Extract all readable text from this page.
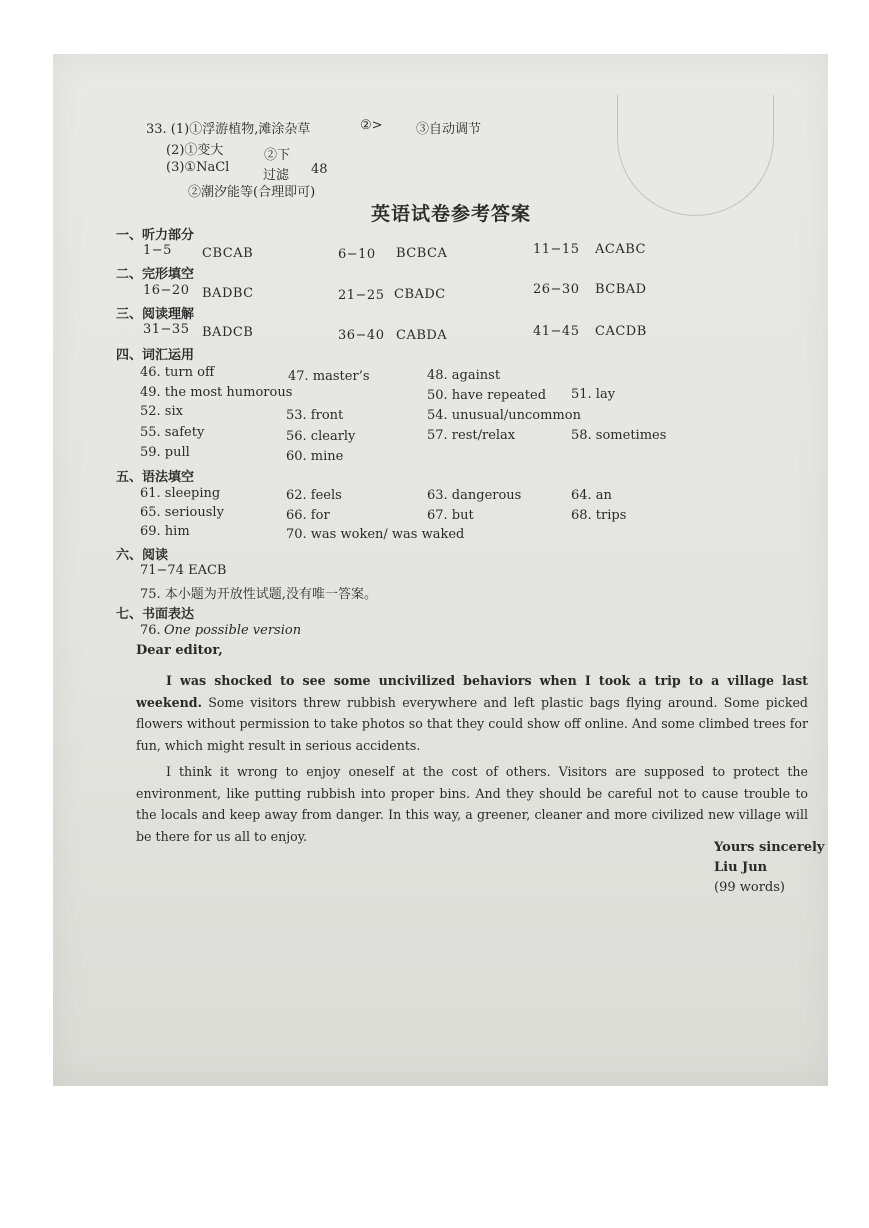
33. (1)①浮游植物,滩涂杂草	②>	③自动调节
(2)①变大	②下
(3)①NaCl
过滤 48
②潮汐能等(合理即可)
英语试卷参考答案
一、听力部分
1−5 CBCAB	6−10 BCBCA	11−15 ACABC
二、完形填空
16−20 BADBC	21−25 CBADC	26−30 BCBAD
三、阅读理解
31−35 BADCB	36−40 CABDA	41−45 CACDB
四、词汇运用
46. turn off	47. master’s	48. against
49. the most humorous	50. have repeated 51. lay
52. six	53. front	54. unusual/uncommon
55. safety	56. clearly	57. rest/relax	58. sometimes
59. pull	60. mine
五、语法填空
61. sleeping	62. feels	63. dangerous	64. an
65. seriously	66. for	67. but	68. trips
69. him	70. was woken/ was waked
六、阅读
71−74 EACB
75. 本小题为开放性试题,没有唯一答案。
七、书面表达
76. One possible version
Dear editor,
I was shocked to see some uncivilized behaviors when I took a trip to a village last weekend. Some visitors threw rubbish everywhere and left plastic bags flying around. Some picked flowers without permission to take photos so that they could show off online. And some climbed trees for fun, which might result in serious accidents.
I think it wrong to enjoy oneself at the cost of others. Visitors are supposed to protect the environment, like putting rubbish into proper bins. And they should be careful not to cause trouble to the locals and keep away from danger. In this way, a greener, cleaner and more civilized new village will be there for us all to enjoy.
Yours sincerely
Liu Jun
(99 words)
